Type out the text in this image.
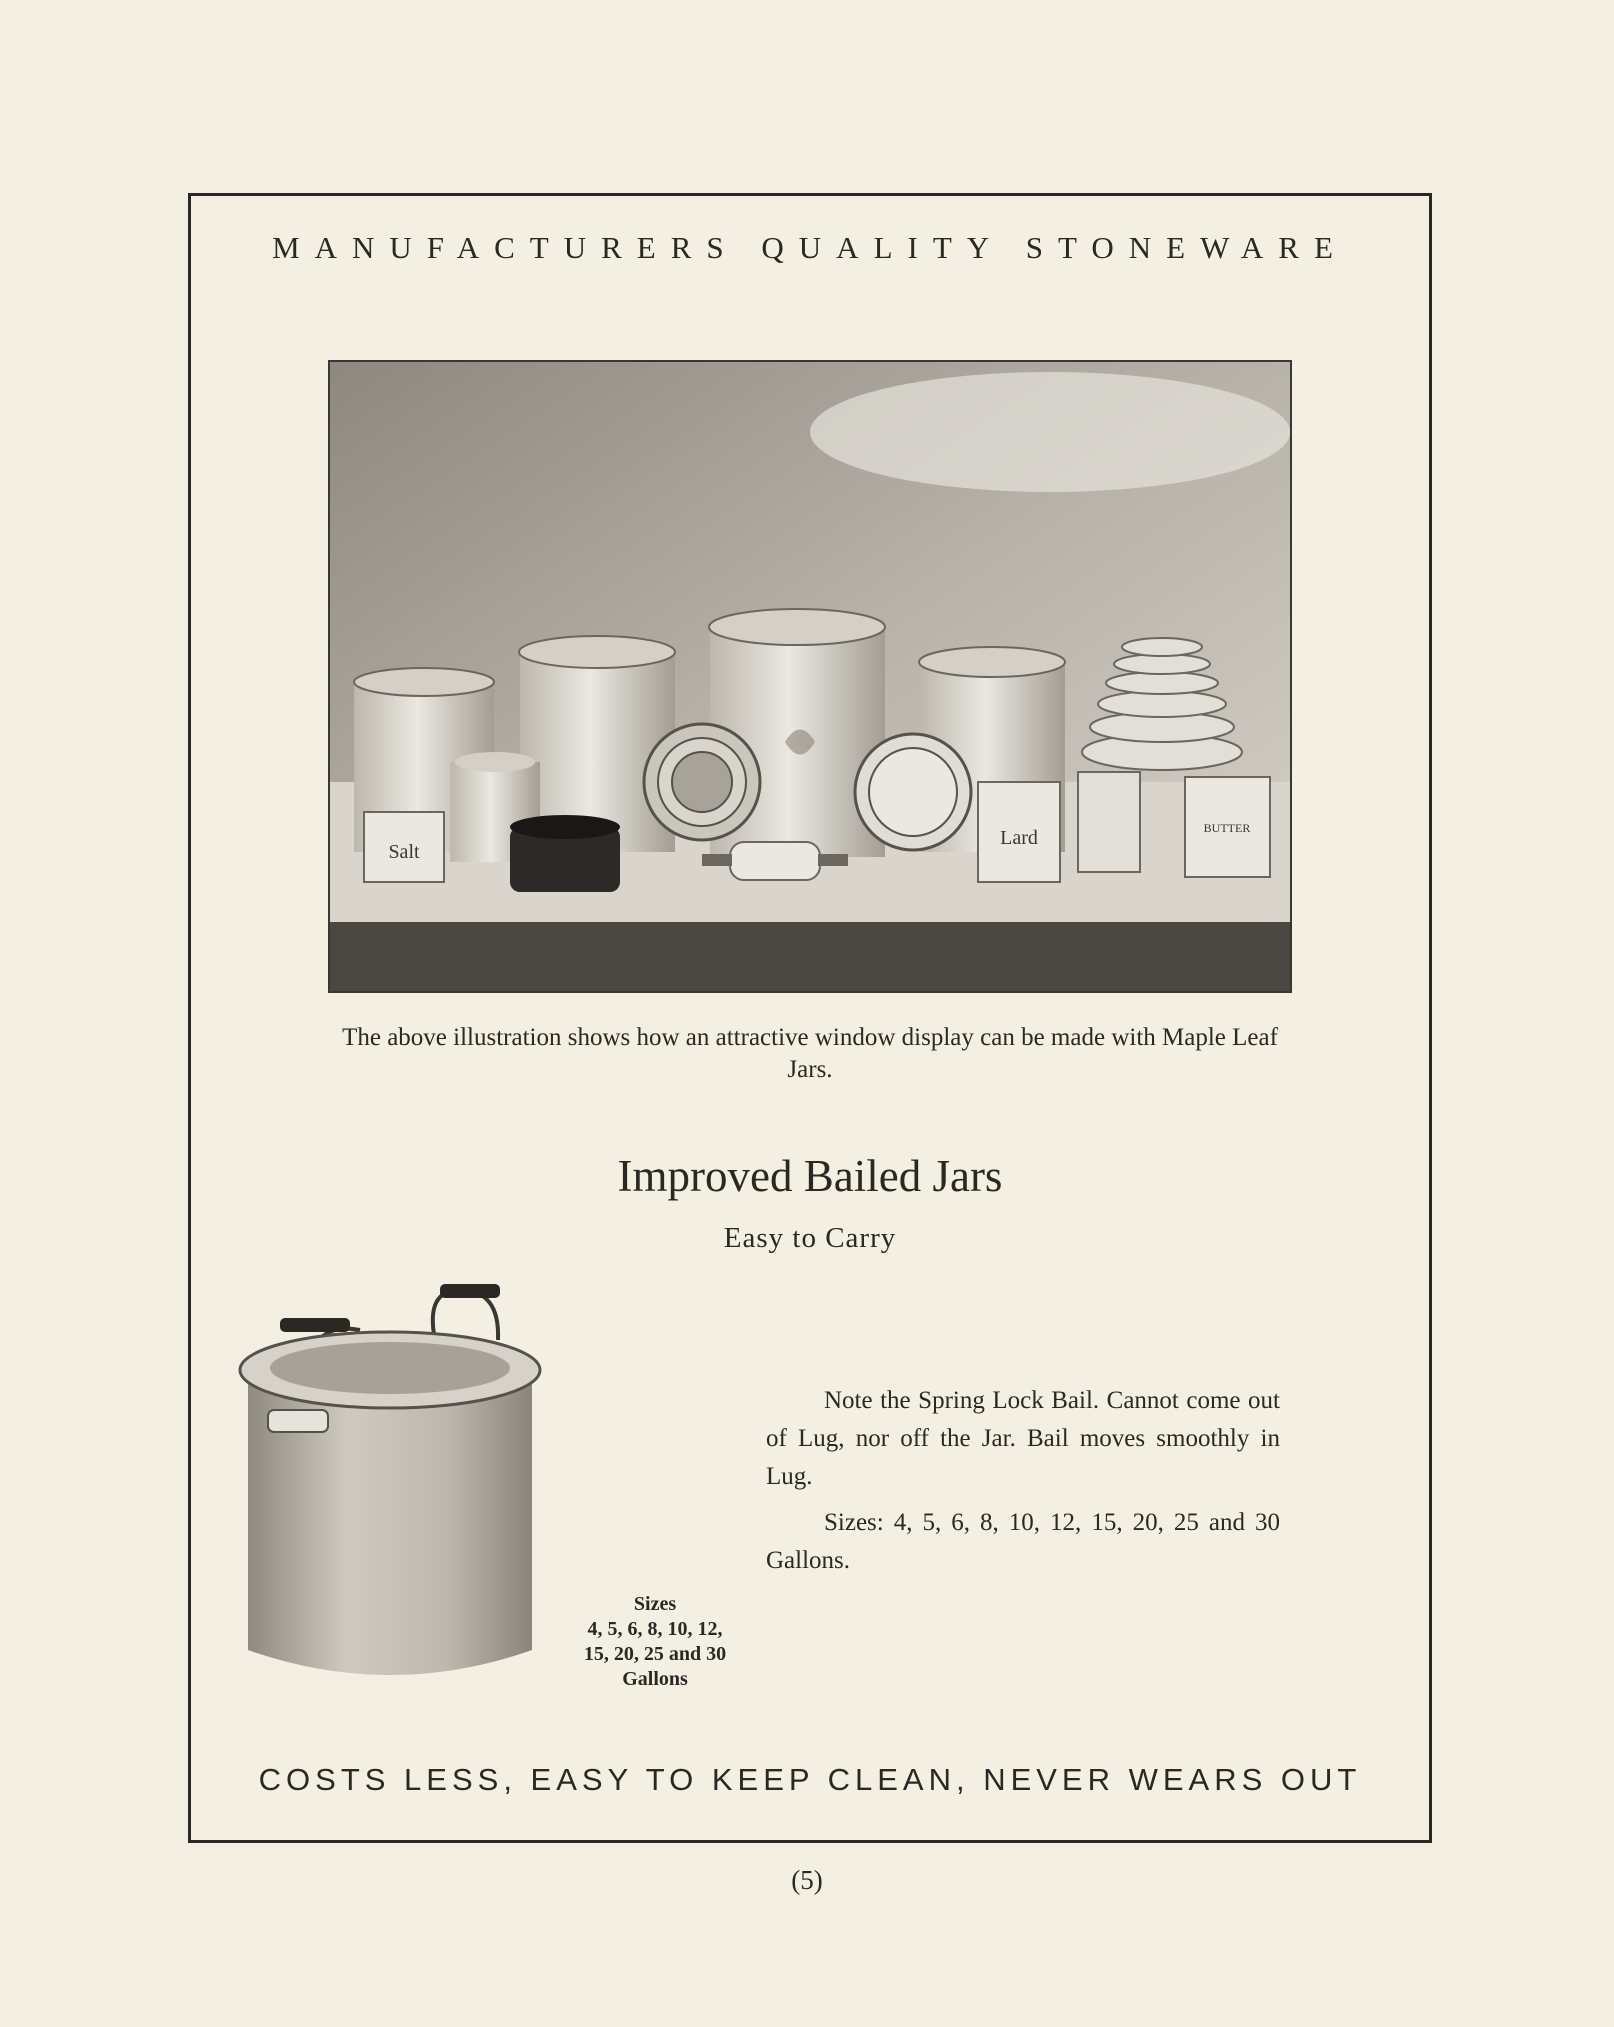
MANUFACTURERS QUALITY STONEWARE
Salt
Lard	BUTTER
The above illustration shows how an attractive window display can be made with Maple Leaf Jars.
Improved Bailed Jars
Easy to Carry
Sizes
4, 5, 6, 8, 10, 12,
15, 20, 25 and 30
Gallons

Note the Spring Lock Bail. Cannot come out of Lug, nor off the Jar. Bail moves smoothly in Lug.

Sizes: 4, 5, 6, 8, 10, 12, 15, 20, 25 and 30 Gallons.

COSTS LESS, EASY TO KEEP CLEAN, NEVER WEARS OUT
(5)
